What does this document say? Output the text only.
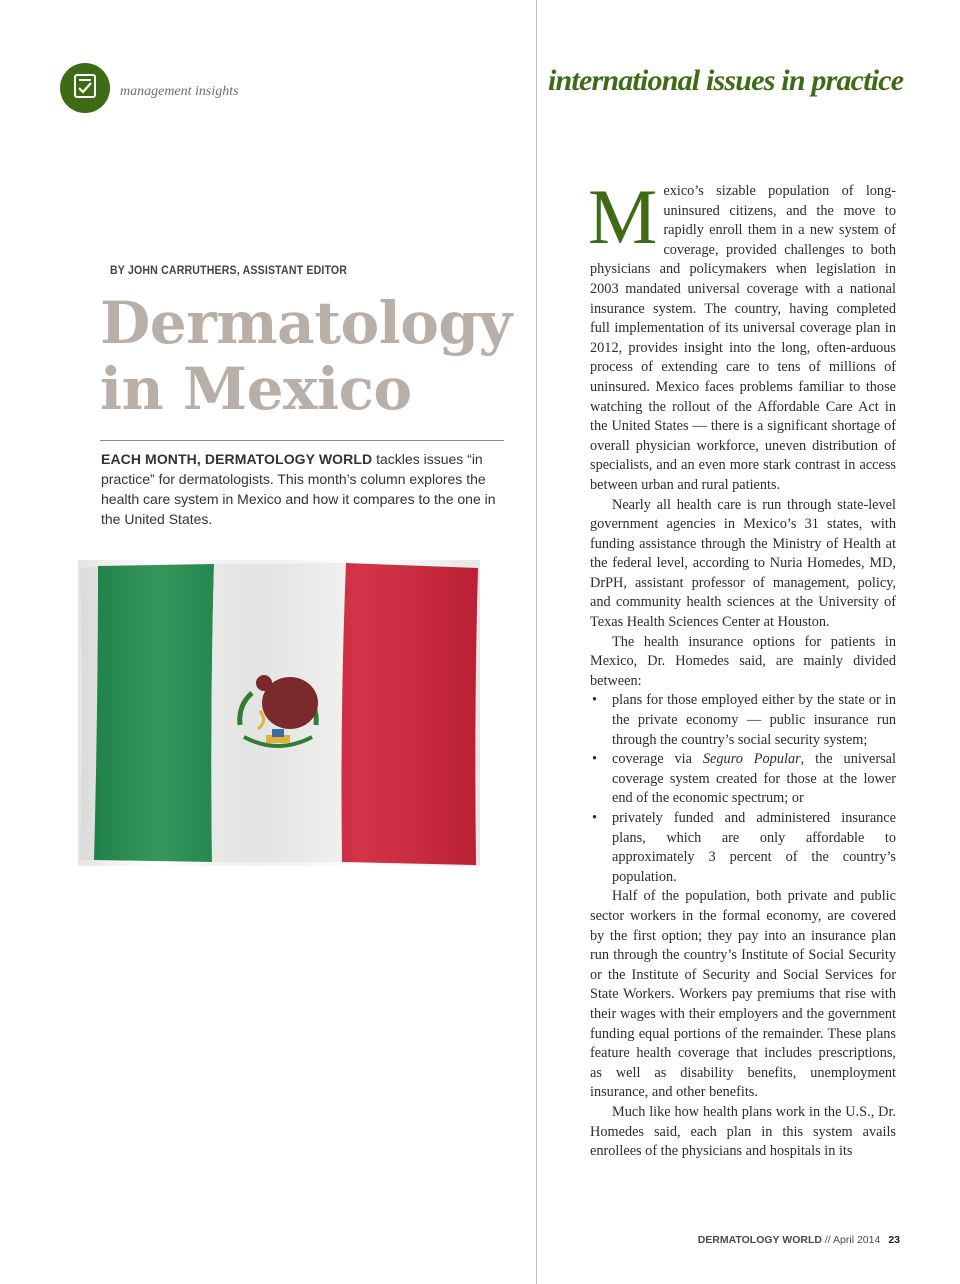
management insights	international issues in practice
BY JOHN CARRUTHERS, ASSISTANT EDITOR
Dermatology
in Mexico

EACH MONTH, DERMATOLOGY WORLD tackles issues “in practice” for dermatologists. This month’s column explores the health care system in Mexico and how it compares to the one in the United States.

Mexico’s sizable population of long-uninsured citizens, and the move to rapidly enroll them in a new system of coverage, provided challenges to both physicians and policymakers when legislation in 2003 mandated universal coverage with a national insurance system. The country, having completed full implementation of its universal coverage plan in 2012, provides insight into the long, often-arduous process of extending care to tens of millions of uninsured. Mexico faces problems familiar to those watching the rollout of the Affordable Care Act in the United States — there is a significant shortage of overall physician workforce, uneven distribution of specialists, and an even more stark contrast in access between urban and rural patients.

Nearly all health care is run through state-level government agencies in Mexico’s 31 states, with funding assistance through the Ministry of Health at the federal level, according to Nuria Homedes, MD, DrPH, assistant professor of management, policy, and community health sciences at the University of Texas Health Sciences Center at Houston.

The health insurance options for patients in Mexico, Dr. Homedes said, are mainly divided between:

• plans for those employed either by the state or in the private economy — public insurance run through the country’s social security system;
• coverage via Seguro Popular, the universal coverage system created for those at the lower end of the economic spectrum; or
• privately funded and administered insurance plans, which are only affordable to approximately 3 percent of the country’s population.

Half of the population, both private and public sector workers in the formal economy, are covered by the first option; they pay into an insurance plan run through the country’s Institute of Social Security or the Institute of Security and Social Services for State Workers. Workers pay premiums that rise with their wages with their employers and the government funding equal portions of the remainder. These plans feature health coverage that includes prescriptions, as well as disability benefits, unemployment insurance, and other benefits.

Much like how health plans work in the U.S., Dr. Homedes said, each plan in this system avails enrollees of the physicians and hospitals in its

DERMATOLOGY WORLD // April 2014 23
